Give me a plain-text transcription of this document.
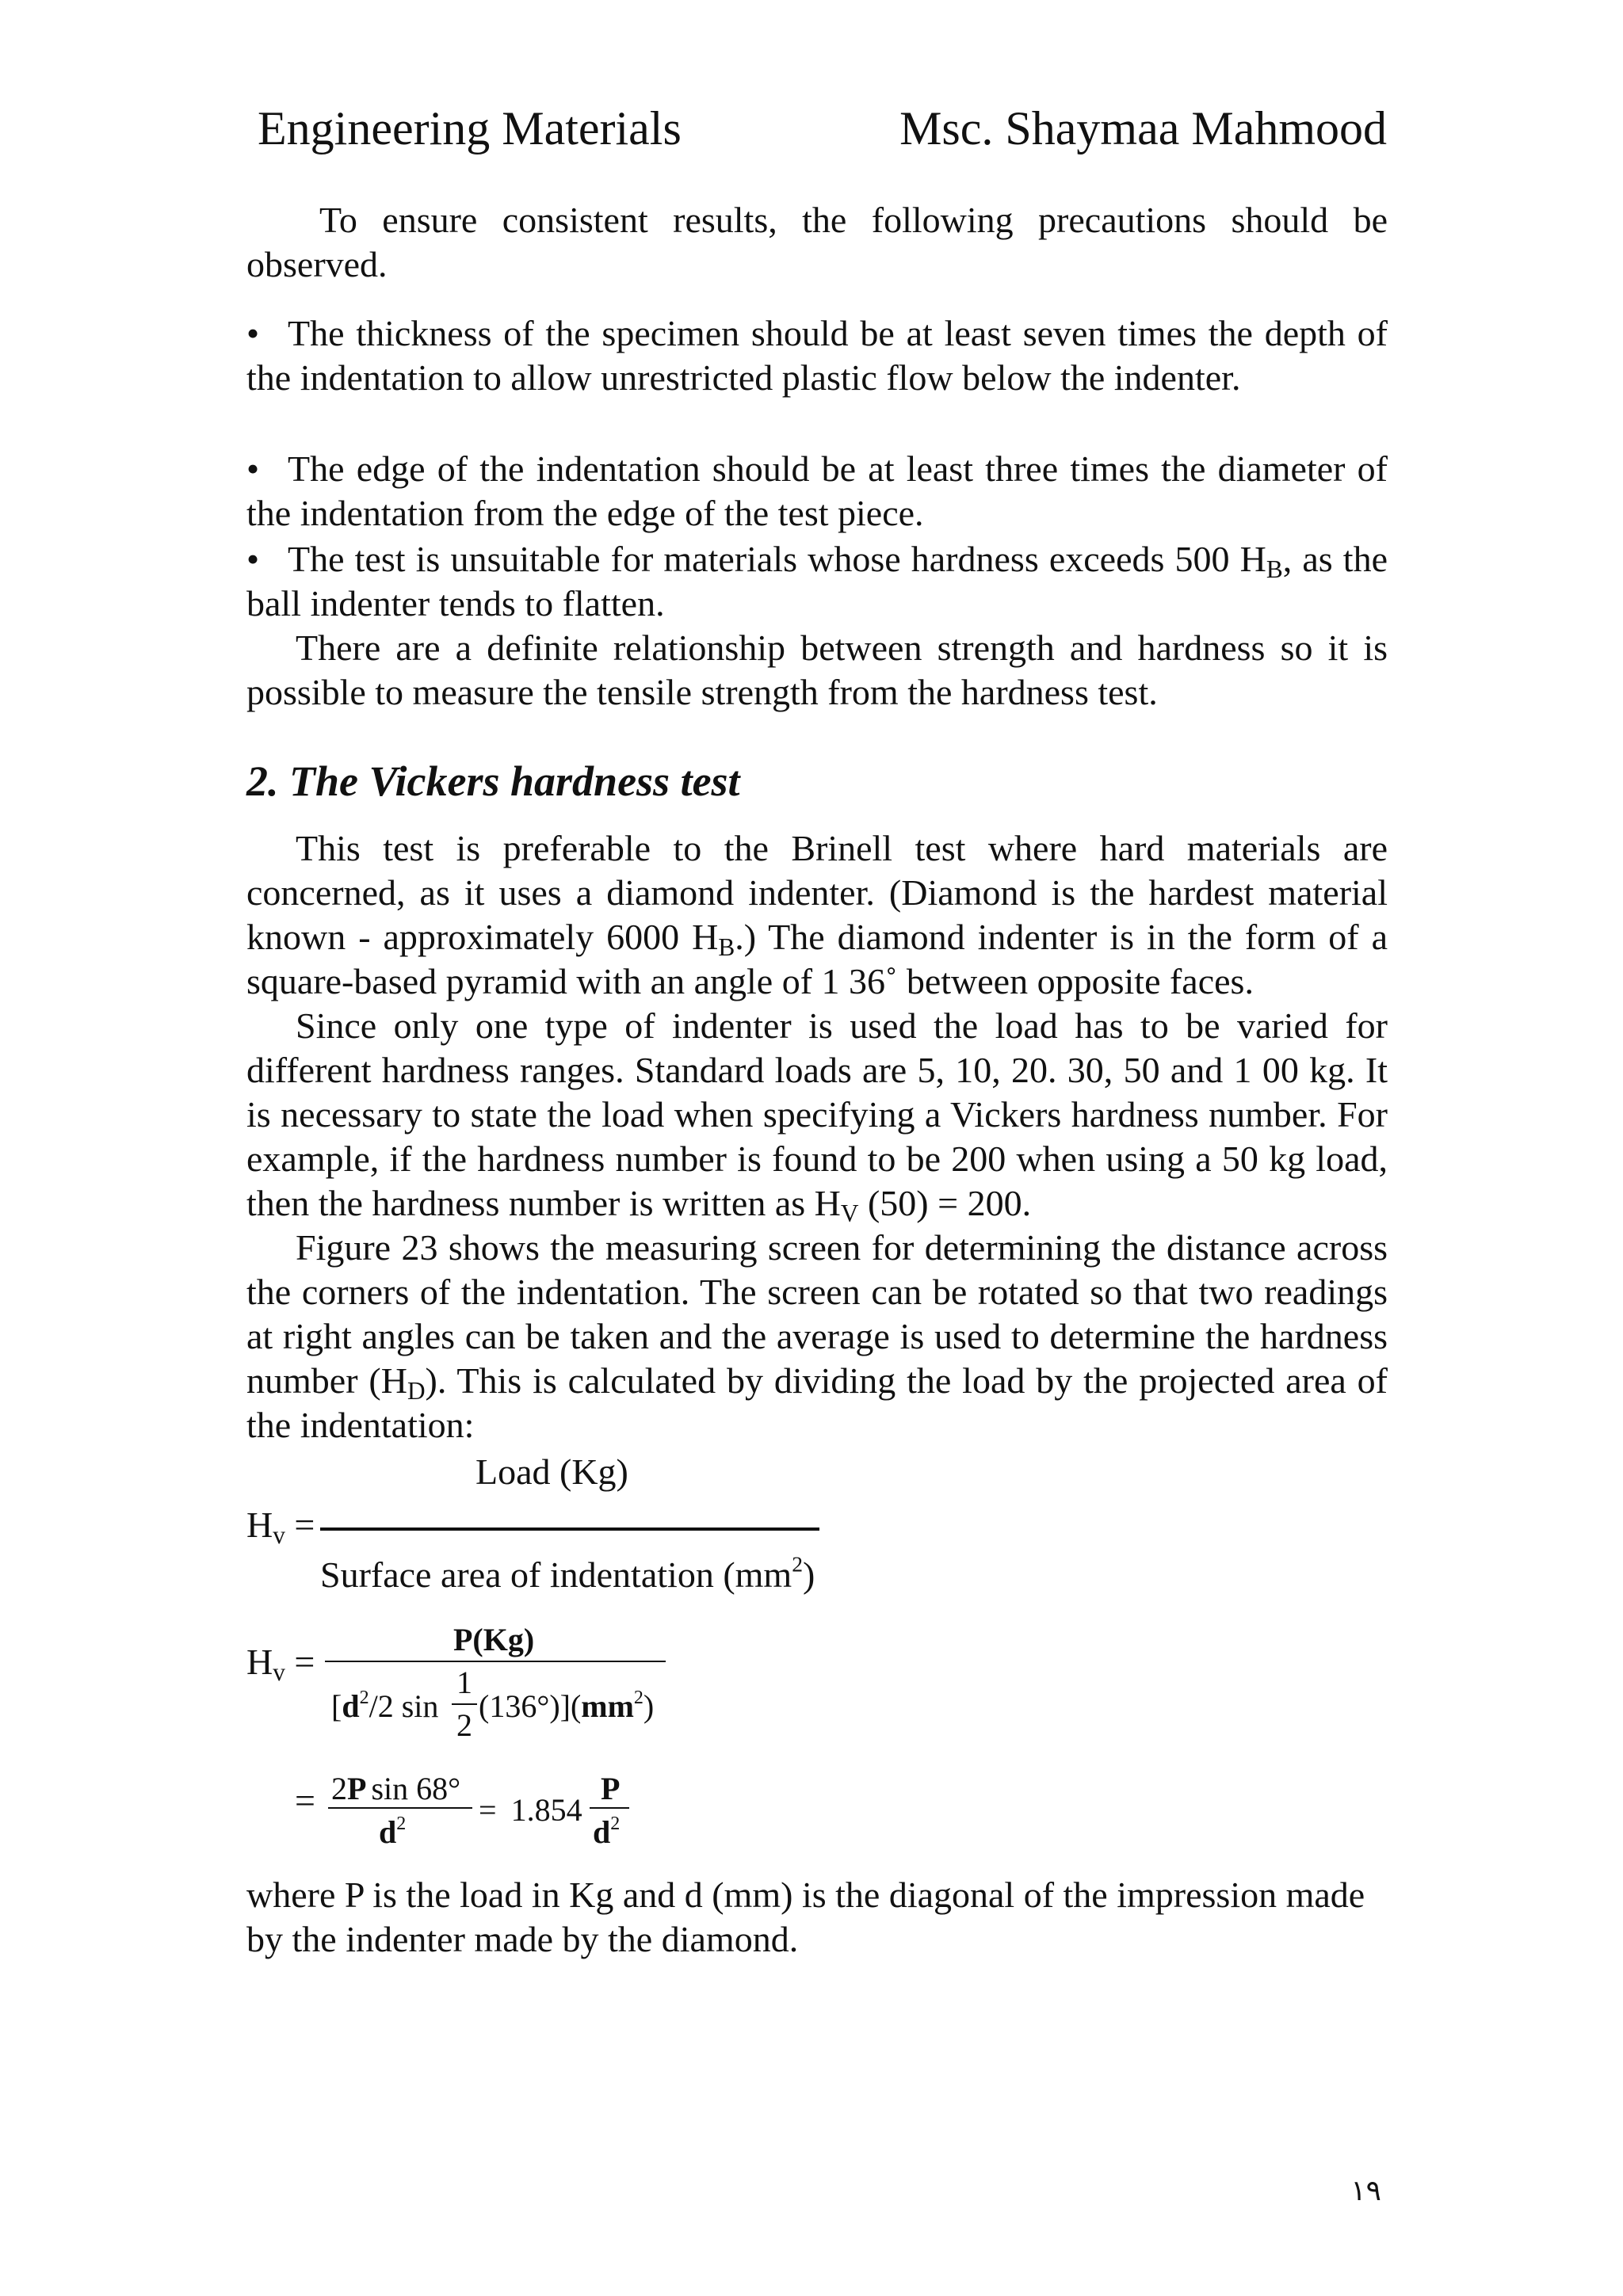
Engineering Materials	Msc. Shaymaa Mahmood
To ensure consistent results, the following precautions should be observed.
• The thickness of the specimen should be at least seven times the depth of the indentation to allow unrestricted plastic flow below the indenter.
• The edge of the indentation should be at least three times the diameter of the indentation from the edge of the test piece.
• The test is unsuitable for materials whose hardness exceeds 500 $H_B$, as the ball indenter tends to flatten.
There are a definite relationship between strength and hardness so it is possible to measure the tensile strength from the hardness test.
2. The Vickers hardness test
This test is preferable to the Brinell test where hard materials are concerned, as it uses a diamond indenter. (Diamond is the hardest material known - approximately 6000 $H_B$.) The diamond indenter is in the form of a square-based pyramid with an angle of 1 36˚ between opposite faces.
Since only one type of indenter is used the load has to be varied for different hardness ranges. Standard loads are 5, 10, 20. 30, 50 and 1 00 kg. It is necessary to state the load when specifying a Vickers hardness number. For example, if the hardness number is found to be 200 when using a 50 kg load, then the hardness number is written as $H_V$ (50) = 200.
Figure 23 shows the measuring screen for determining the distance across the corners of the indentation. The screen can be rotated so that two readings at right angles can be taken and the average is used to determine the hardness number $(H_D)$. This is calculated by dividing the load by the projected area of the indentation:
Load (Kg)
$H_v$ =
Surface area of indentation $(mm^2)$
$H_v$ =
P(Kg)
[$d^2/2$ sin
1
2
$(136^\circ)](mm^2)$
= 2P sin 68°
$d^2 = 1.854$
P
$d^2$
where P is the load in Kg and d (mm) is the diagonal of the impression made by the indenter made by the diamond.
١٩
